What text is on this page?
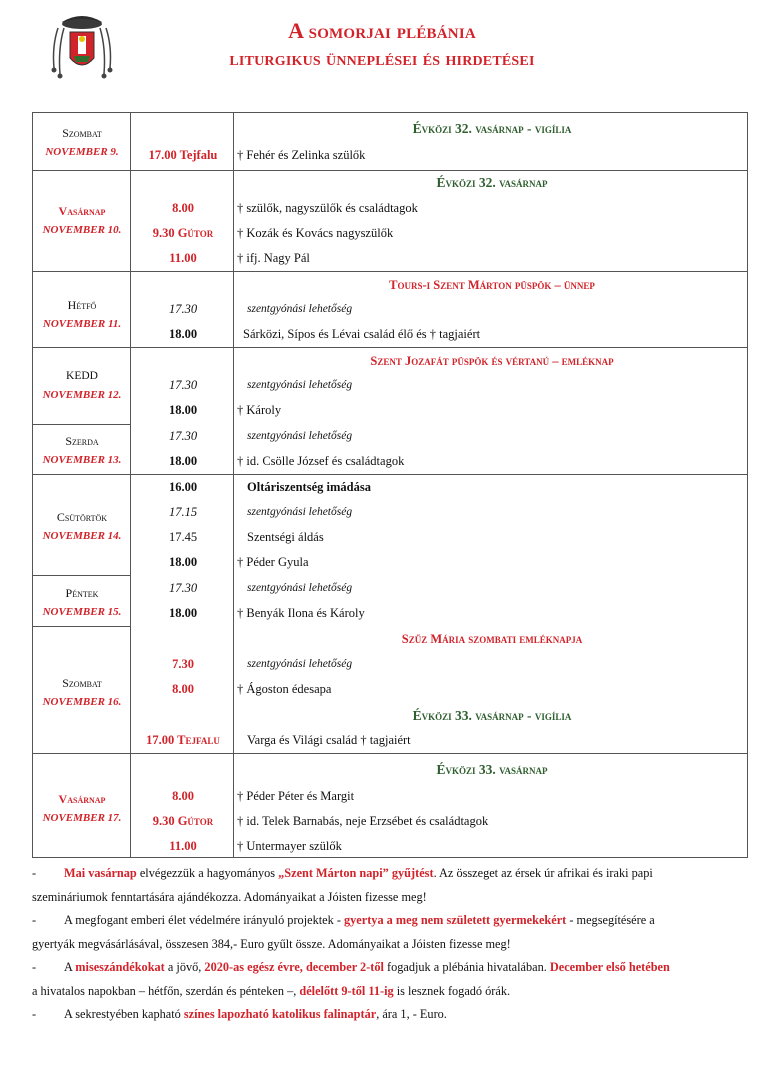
A somorjai plébánia
liturgikus ünneplései és hirdetései
Szombat
NOVEMBER 9.
Évközi 32. vasárnap - vigília
17.00 Tejfalu	† Fehér és Zelinka szülők
Vasárnap
NOVEMBER 10.
Évközi 32. vasárnap
8.00	† szülők, nagyszülők és családtagok
9.30 Gútor	† Kozák és Kovács nagyszülők
11.00	† ifj. Nagy Pál
Hétfő
NOVEMBER 11.
Tours-i Szent Márton püspök – ünnep
17.30	szentgyónási lehetőség
18.00	Sárközi, Sípos és Lévai család élő és † tagjaiért
Szent Jozafát püspök és vértanú – emléknap
KEDD
NOVEMBER 12.
17.30	szentgyónási lehetőség
18.00	† Károly
Szerda
NOVEMBER 13.
17.30	szentgyónási lehetőség
18.00	† id. Csölle József és családtagok
Csütörtök
NOVEMBER 14.
16.00	Oltáriszentség imádása
17.15	szentgyónási lehetőség
17.45	Szentségi áldás
18.00	† Péder Gyula
Péntek
NOVEMBER 15.
17.30	szentgyónási lehetőség
18.00	† Benyák Ilona és Károly
Szűz Mária szombati emléknapja
Szombat
NOVEMBER 16.
7.30	szentgyónási lehetőség
8.00	† Ágoston édesapa
Évközi 33. vasárnap - vigília
17.00 Tejfalu	Varga és Világi család † tagjaiért
Évközi 33. vasárnap
Vasárnap
NOVEMBER 17.
8.00	† Péder Péter és Margit
9.30 Gútor	† id. Telek Barnabás, neje Erzsébet és családtagok
11.00	† Untermayer szülők

- Mai vasárnap elvégezzük a hagyományos „Szent Márton napi” gyűjtést. Az összeget az érsek úr afrikai és iraki papi
szemináriumok fenntartására ajándékozza. Adományaikat a Jóisten fizesse meg!

- A megfogant emberi élet védelmére irányuló projektek - gyertya a meg nem született gyermekekért - megsegítésére a
gyertyák megvásárlásával, összesen 384,- Euro gyűlt össze. Adományaikat a Jóisten fizesse meg!

- A miseszándékokat a jövő, 2020-as egész évre, december 2-től fogadjuk a plébánia hivatalában. December első hetében
a hivatalos napokban – hétfőn, szerdán és pénteken –, délelőtt 9-től 11-ig is lesznek fogadó órák.

- A sekrestyében kapható színes lapozható katolikus falinaptár, ára 1, - Euro.
